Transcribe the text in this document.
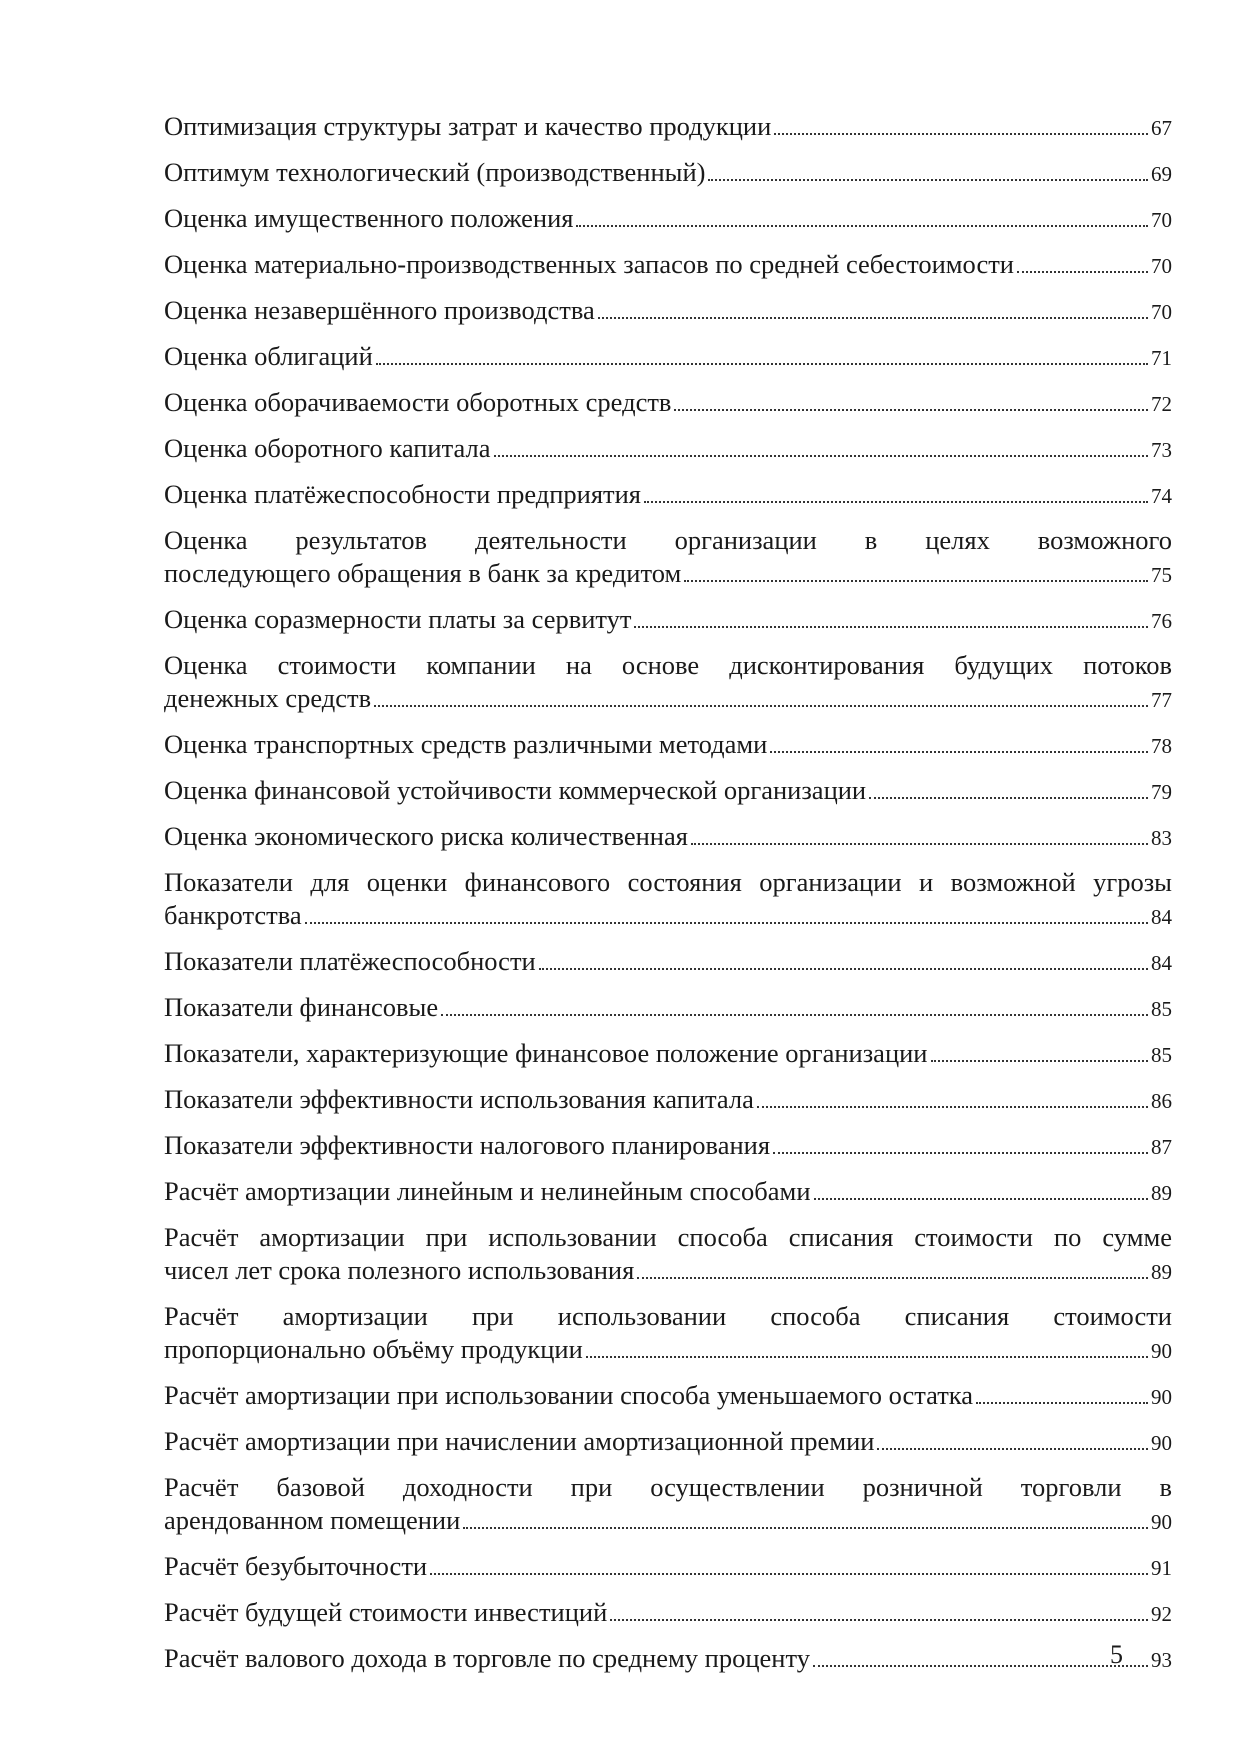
Оптимизация структуры затрат и качество продукции	67
Оптимум технологический (производственный)	69
Оценка имущественного положения	70
Оценка материально-производственных запасов по средней себестоимости	70
Оценка незавершённого производства	70
Оценка облигаций	71
Оценка оборачиваемости оборотных средств	72
Оценка оборотного капитала	73
Оценка платёжеспособности предприятия	74
Оценка результатов деятельности организации в целях возможного
последующего обращения в банк за кредитом	75
Оценка соразмерности платы за сервитут	76
Оценка стоимости компании на основе дисконтирования будущих потоков
денежных средств	77
Оценка транспортных средств различными методами	78
Оценка финансовой устойчивости коммерческой организации	79
Оценка экономического риска количественная	83
Показатели для оценки финансового состояния организации и возможной угрозы
банкротства	84
Показатели платёжеспособности	84
Показатели финансовые	85
Показатели, характеризующие финансовое положение организации	85
Показатели эффективности использования капитала	86
Показатели эффективности налогового планирования	87
Расчёт амортизации линейным и нелинейным способами	89
Расчёт амортизации при использовании способа списания стоимости по сумме
чисел лет срока полезного использования	89
Расчёт амортизации при использовании способа списания стоимости
пропорционально объёму продукции	90
Расчёт амортизации при использовании способа уменьшаемого остатка	90
Расчёт амортизации при начислении амортизационной премии	90
Расчёт базовой доходности при осуществлении розничной торговли в
арендованном помещении	90
Расчёт безубыточности	91
Расчёт будущей стоимости инвестиций	92
Расчёт валового дохода в торговле по среднему проценту	93
5
